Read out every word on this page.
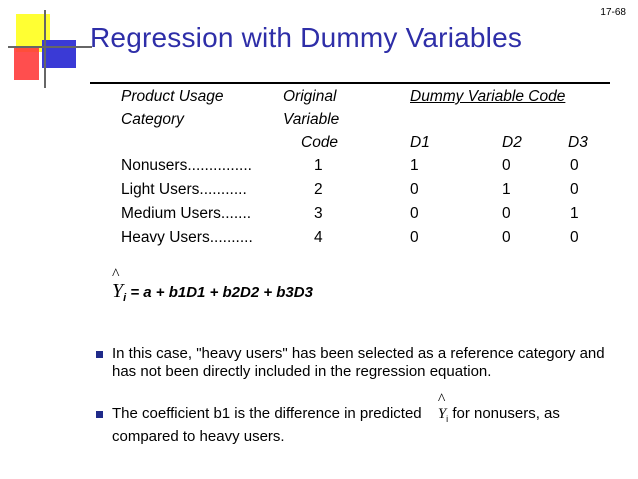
17-68
Regression with Dummy Variables
Product Usage
Category
Original
Variable
Code
Dummy Variable Code
D1	D2	D3
Nonusers...............	1	1	0	0
Light Users...........	2	0	1	0
Medium Users.......	3	0	0	1
Heavy Users..........	4	0	0	0
^
$Y_i = a + b1D1 + b2D2 + b3D3$
In this case, "heavy users" has been selected as a reference category and has not been directly included in the regression equation.
The coefficient b1 is the difference in predicted
^
$Y_i$ for nonusers, as compared to heavy users.
